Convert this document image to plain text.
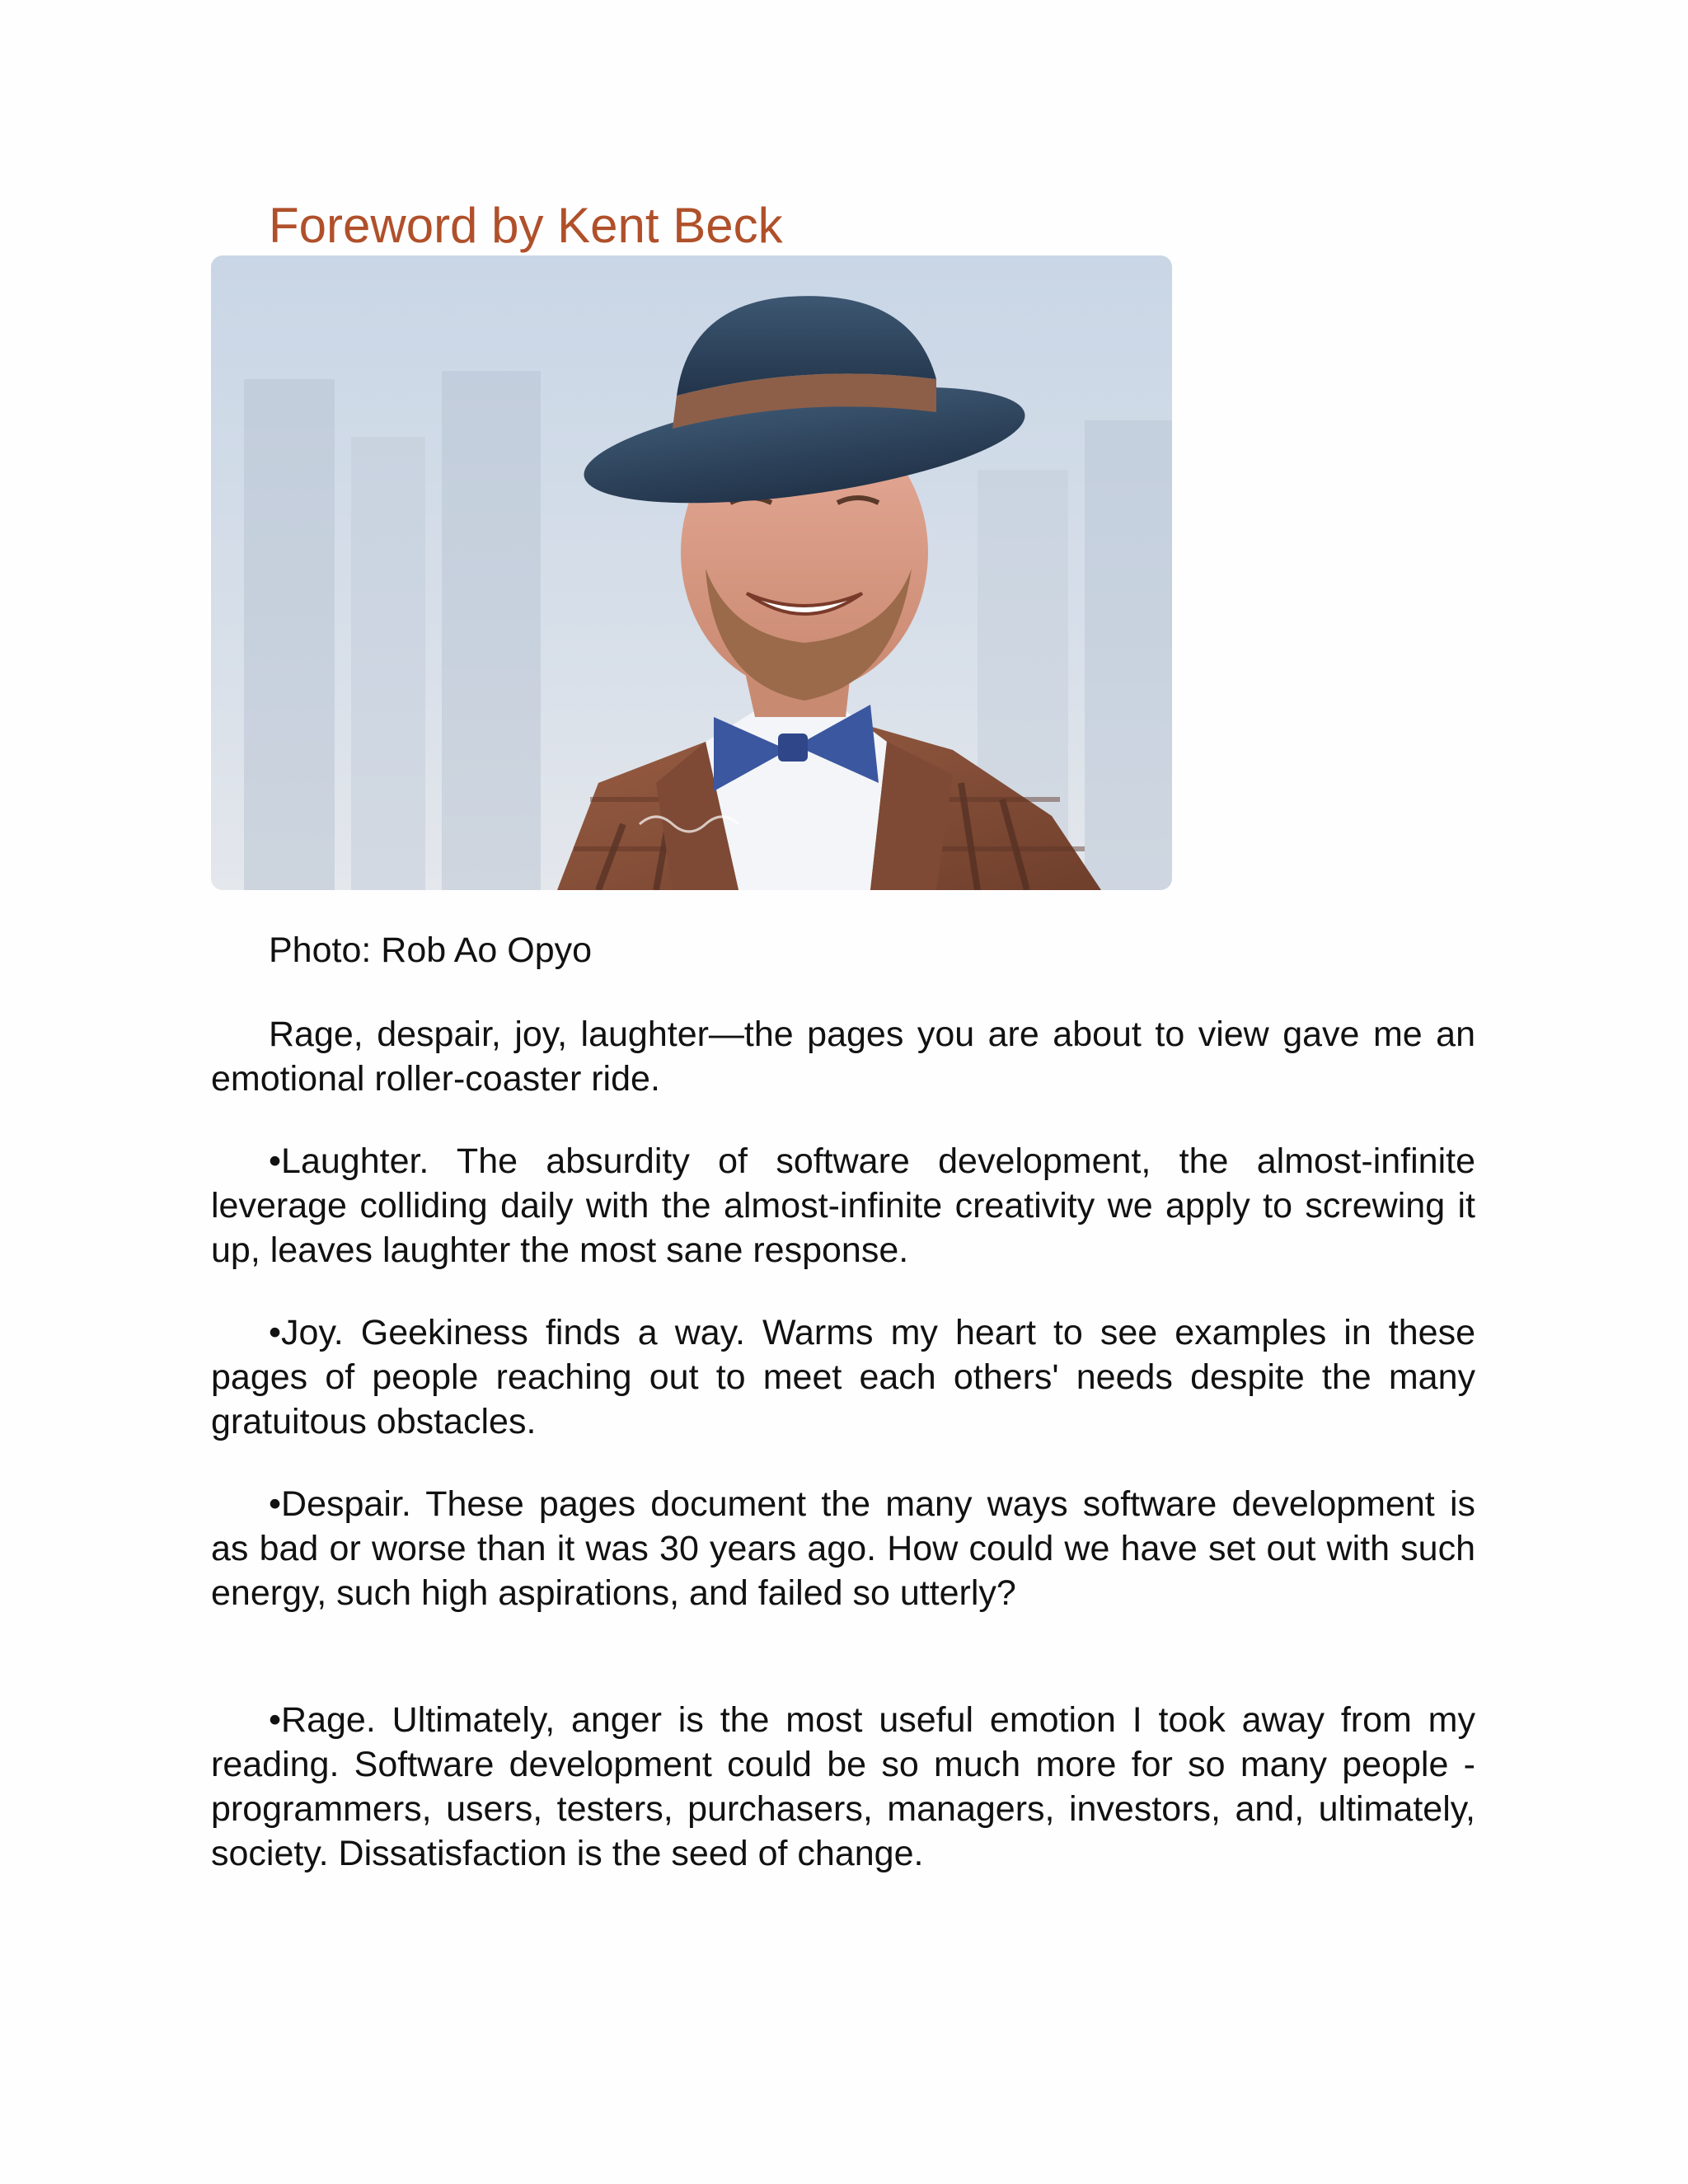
Foreword by Kent Beck

Photo: Rob Ao Opyo

Rage, despair, joy, laughter—the pages you are about to view gave me an emotional roller-coaster ride.

•Laughter. The absurdity of software development, the almost-infinite leverage colliding daily with the almost-infinite creativity we apply to screwing it up, leaves laughter the most sane response.

•Joy. Geekiness finds a way. Warms my heart to see examples in these pages of people reaching out to meet each others' needs despite the many gratuitous obstacles.

•Despair. These pages document the many ways software development is as bad or worse than it was 30 years ago. How could we have set out with such energy, such high aspirations, and failed so utterly?

•Rage. Ultimately, anger is the most useful emotion I took away from my reading. Software development could be so much more for so many people - programmers, users, testers, purchasers, managers, investors, and, ultimately, society. Dissatisfaction is the seed of change.
